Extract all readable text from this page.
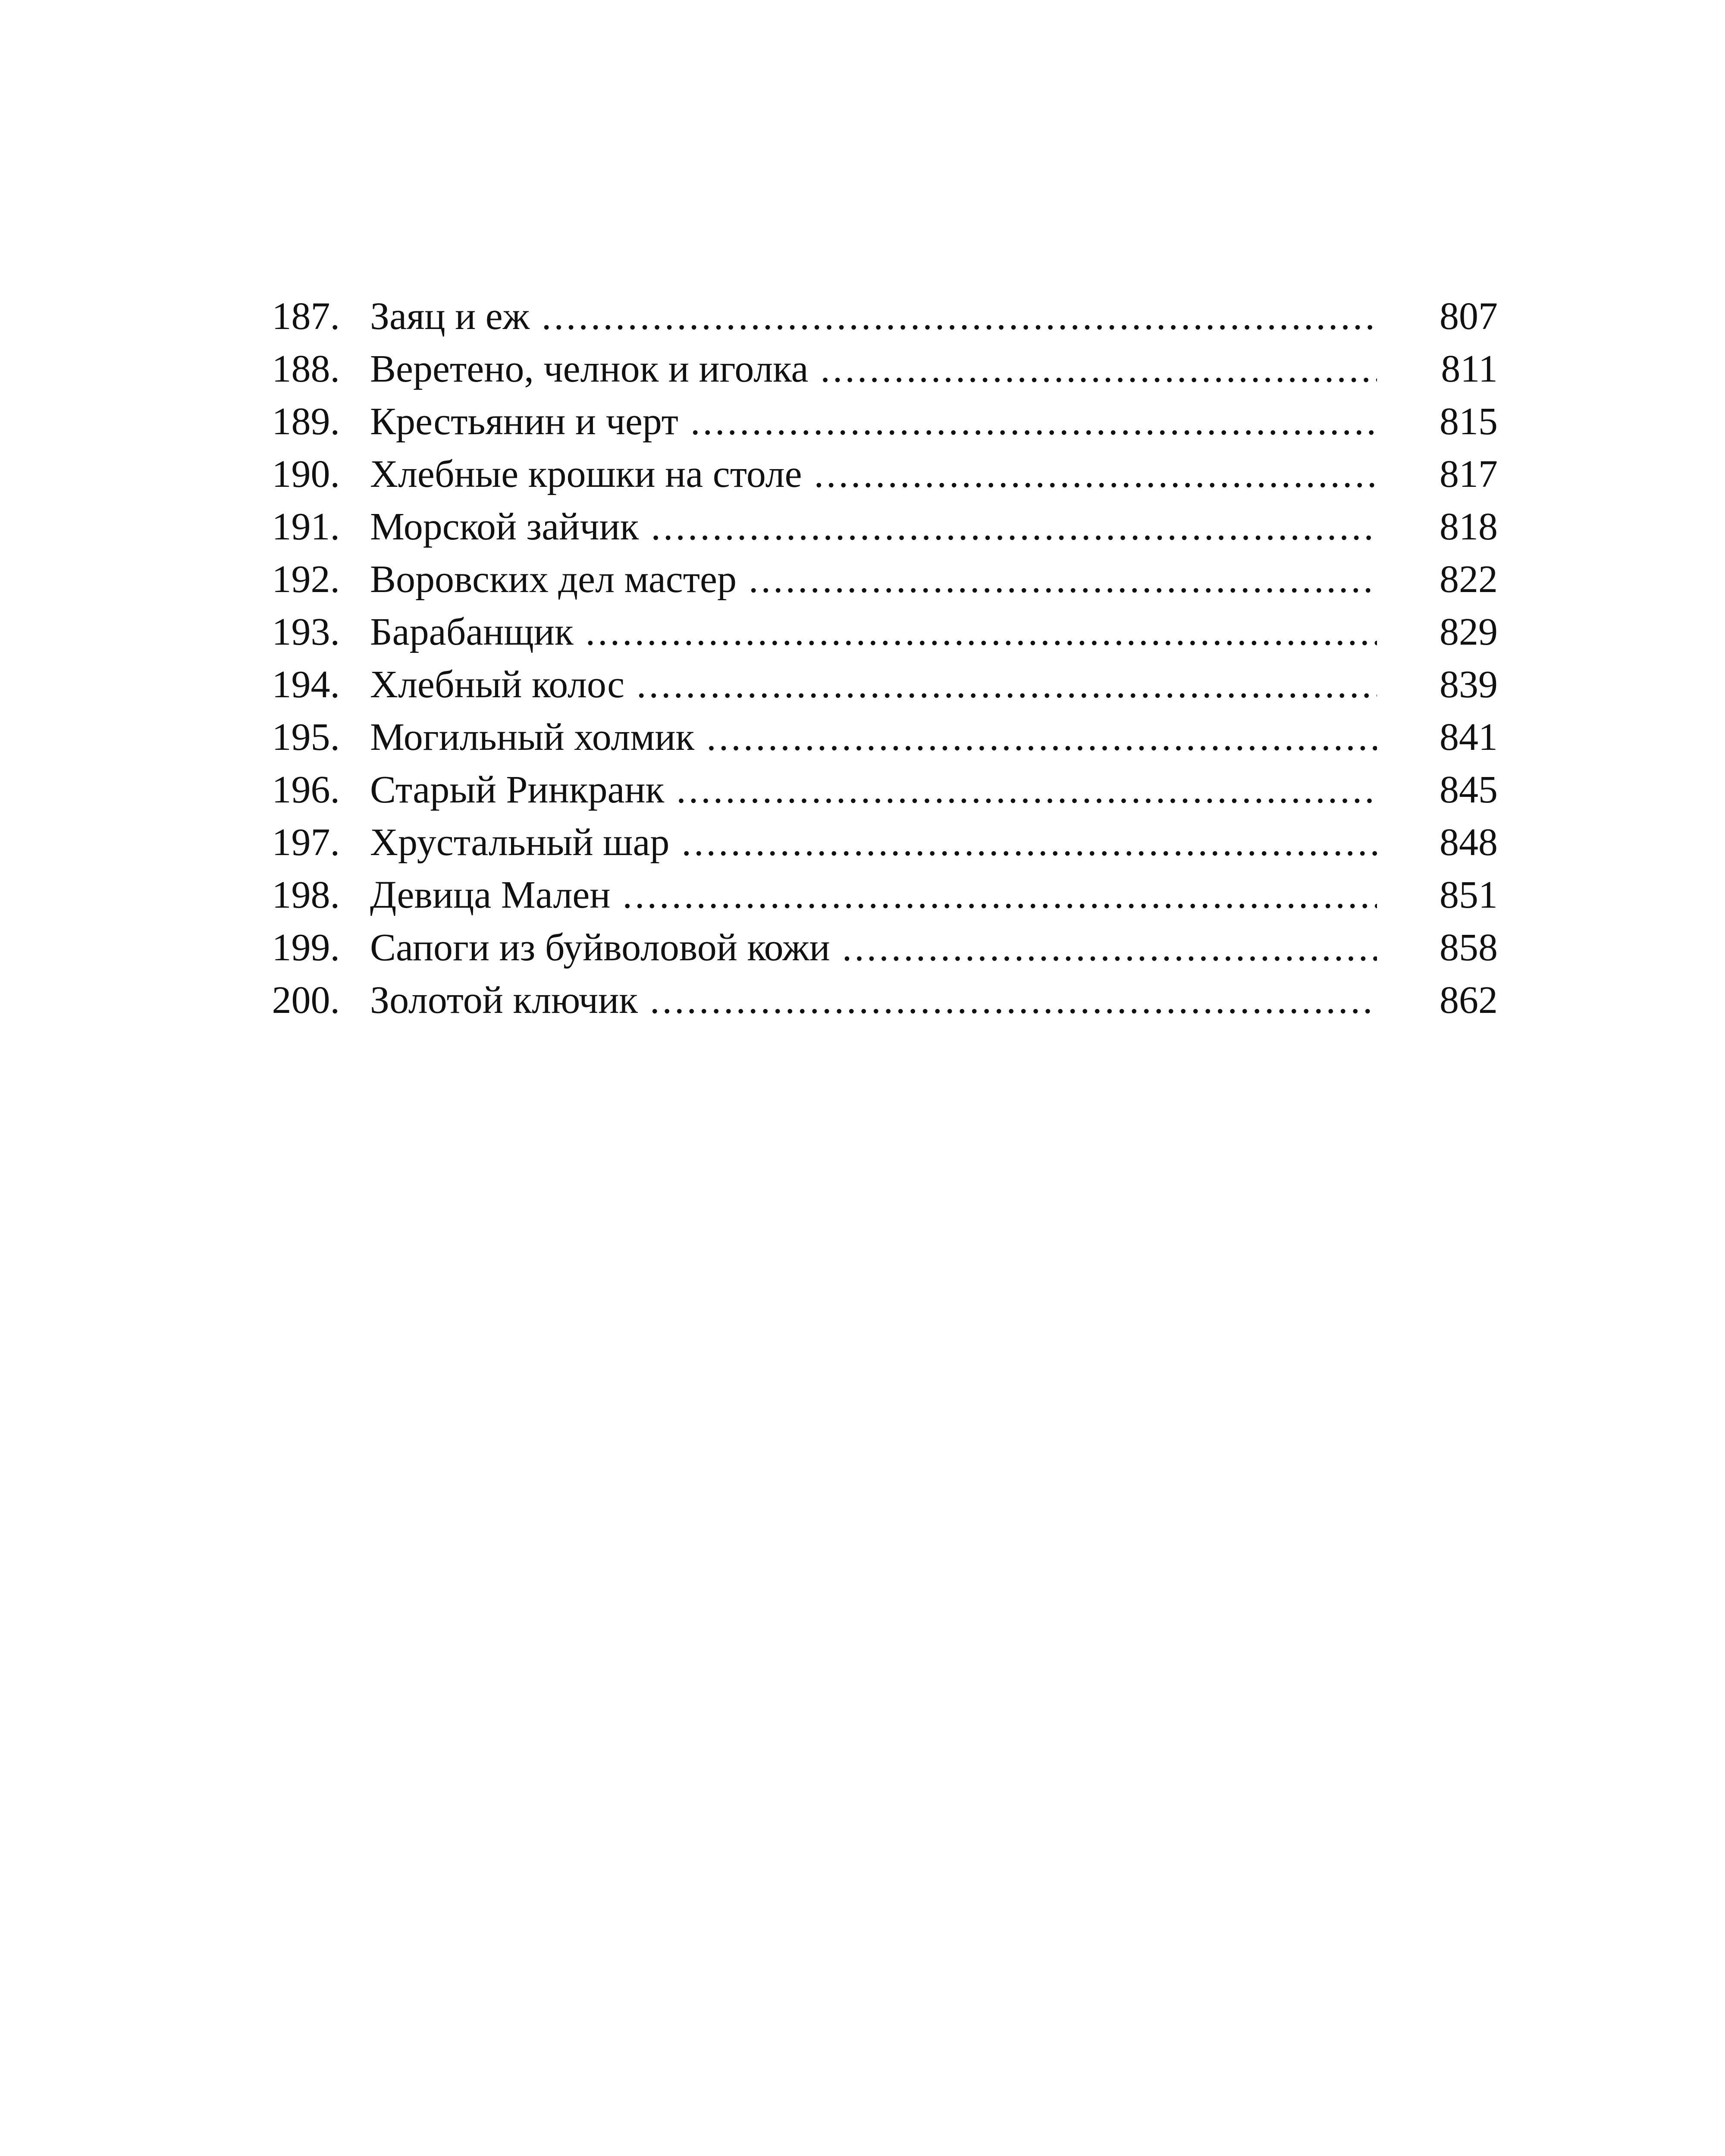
187. Заяц и еж .....	807
188. Веретено, челнок и иголка .....	811
189. Крестьянин и черт .....	815
190. Хлебные крошки на столе .....	817
191. Морской зайчик .....	818
192. Воровских дел мастер .....	822
193. Барабанщик .....	829
194. Хлебный колос .....	839
195. Могильный холмик .....	841
196. Старый Ринкранк .....	845
197. Хрустальный шар .....	848
198. Девица Мален .....	851
199. Сапоги из буйволовой кожи .....	858
200. Золотой ключик .....	862
